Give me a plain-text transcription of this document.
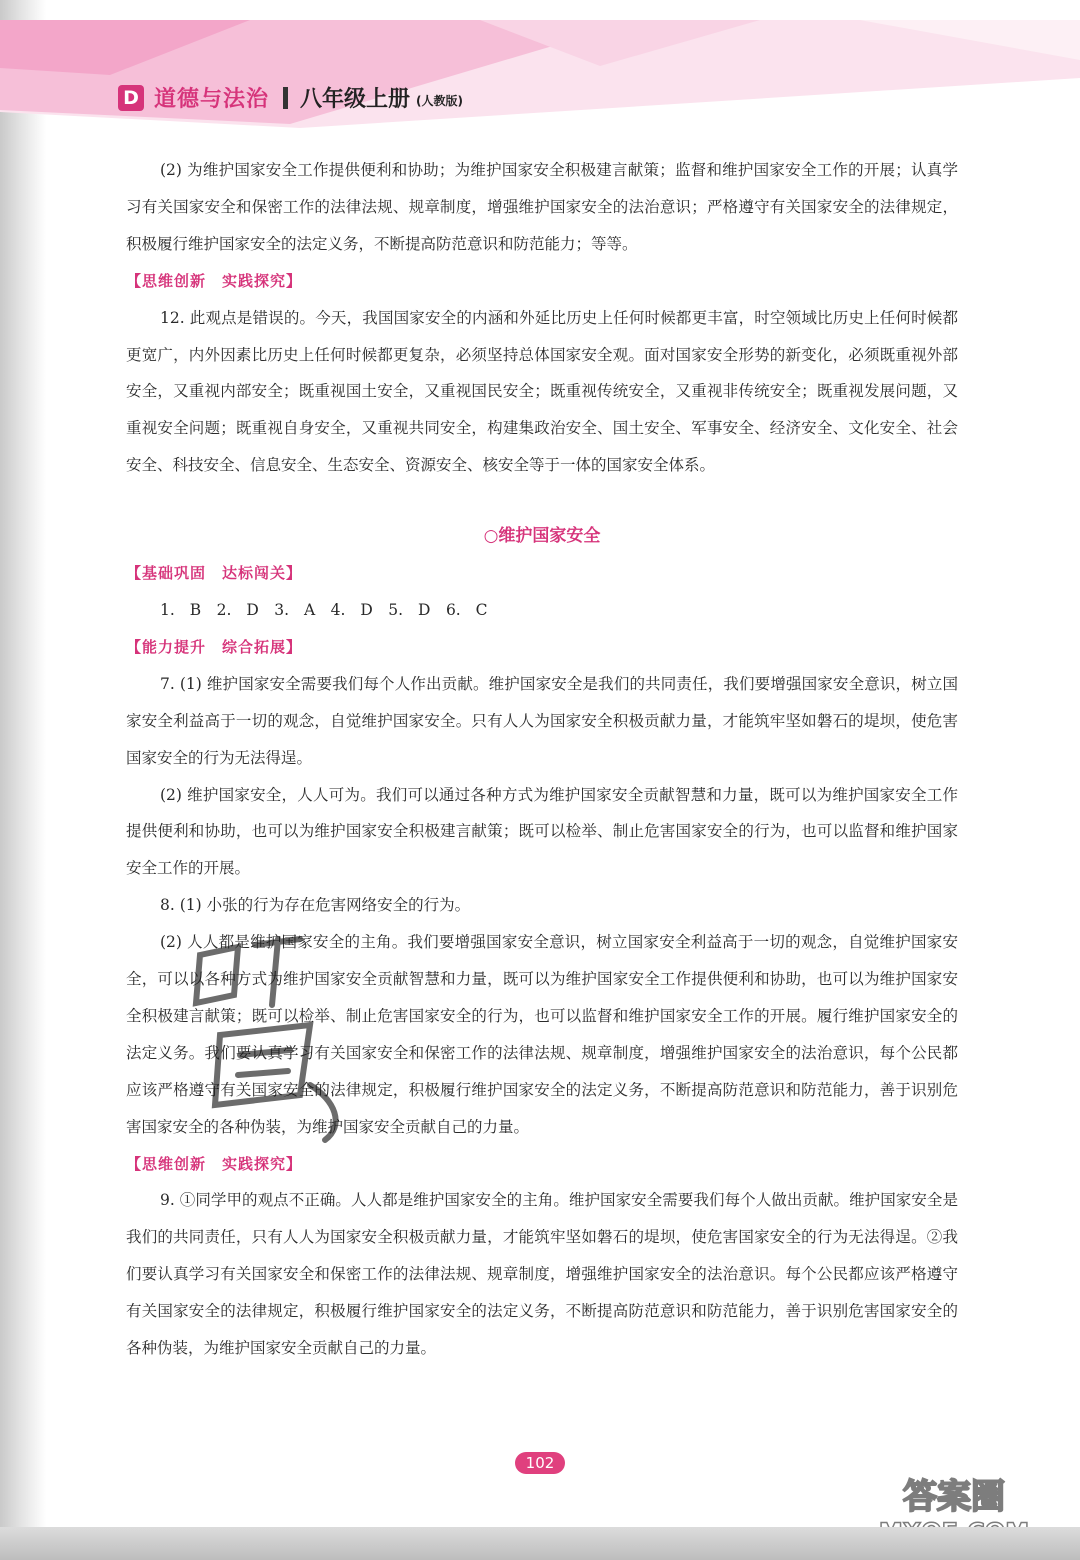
D 道德与法治 八年级上册 (人教版)

(2) 为维护国家安全工作提供便利和协助；为维护国家安全积极建言献策；监督和维护国家安全工作的开展；认真学习有关国家安全和保密工作的法律法规、规章制度，增强维护国家安全的法治意识；严格遵守有关国家安全的法律规定，积极履行维护国家安全的法定义务，不断提高防范意识和防范能力；等等。

【思维创新　实践探究】

12. 此观点是错误的。今天，我国国家安全的内涵和外延比历史上任何时候都更丰富，时空领域比历史上任何时候都更宽广，内外因素比历史上任何时候都更复杂，必须坚持总体国家安全观。面对国家安全形势的新变化，必须既重视外部安全，又重视内部安全；既重视国土安全，又重视国民安全；既重视传统安全，又重视非传统安全；既重视发展问题，又重视安全问题；既重视自身安全，又重视共同安全，构建集政治安全、国土安全、军事安全、经济安全、文化安全、社会安全、科技安全、信息安全、生态安全、资源安全、核安全等于一体的国家安全体系。

○维护国家安全

【基础巩固　达标闯关】

1. B　2. D　3. A　4. D　5. D　6. C

【能力提升　综合拓展】

7. (1) 维护国家安全需要我们每个人作出贡献。维护国家安全是我们的共同责任，我们要增强国家安全意识，树立国家安全利益高于一切的观念，自觉维护国家安全。只有人人为国家安全积极贡献力量，才能筑牢坚如磐石的堤坝，使危害国家安全的行为无法得逞。

(2) 维护国家安全，人人可为。我们可以通过各种方式为维护国家安全贡献智慧和力量，既可以为维护国家安全工作提供便利和协助，也可以为维护国家安全积极建言献策；既可以检举、制止危害国家安全的行为，也可以监督和维护国家安全工作的开展。

8. (1) 小张的行为存在危害网络安全的行为。

(2) 人人都是维护国家安全的主角。我们要增强国家安全意识，树立国家安全利益高于一切的观念，自觉维护国家安全，可以以各种方式为维护国家安全贡献智慧和力量，既可以为维护国家安全工作提供便利和协助，也可以为维护国家安全积极建言献策；既可以检举、制止危害国家安全的行为，也可以监督和维护国家安全工作的开展。履行维护国家安全的法定义务。我们要认真学习有关国家安全和保密工作的法律法规、规章制度，增强维护国家安全的法治意识，每个公民都应该严格遵守有关国家安全的法律规定，积极履行维护国家安全的法定义务，不断提高防范意识和防范能力，善于识别危害国家安全的各种伪装，为维护国家安全贡献自己的力量。

【思维创新　实践探究】

9. ①同学甲的观点不正确。人人都是维护国家安全的主角。维护国家安全需要我们每个人做出贡献。维护国家安全是我们的共同责任，只有人人为国家安全积极贡献力量，才能筑牢坚如磐石的堤坝，使危害国家安全的行为无法得逞。②我们要认真学习有关国家安全和保密工作的法律法规、规章制度，增强维护国家安全的法治意识。每个公民都应该严格遵守有关国家安全的法律规定，积极履行维护国家安全的法定义务，不断提高防范意识和防范能力，善于识别危害国家安全的各种伪装，为维护国家安全贡献自己的力量。

102
答案圈
